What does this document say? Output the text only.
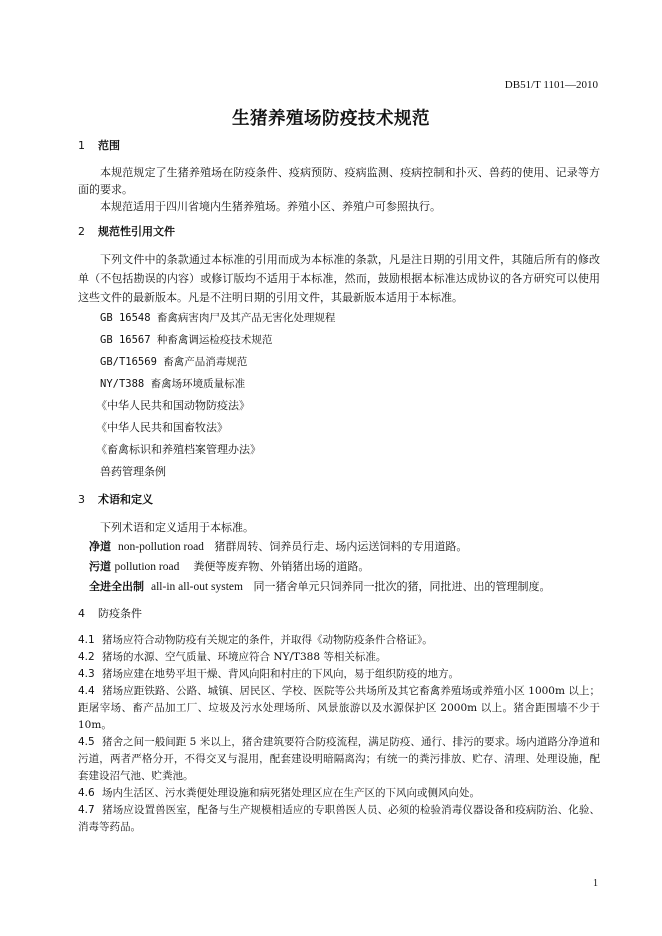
DB51/T 1101—2010
生猪养殖场防疫技术规范

1 范围

本规范规定了生猪养殖场在防疫条件、疫病预防、疫病监测、疫病控制和扑灭、兽药的使用、记录等方面的要求。

本规范适用于四川省境内生猪养殖场。养殖小区、养殖户可参照执行。

2 规范性引用文件

下列文件中的条款通过本标准的引用而成为本标准的条款，凡是注日期的引用文件，其随后所有的修改单（不包括勘误的内容）或修订版均不适用于本标准，然而，鼓励根据本标准达成协议的各方研究可以使用这些文件的最新版本。凡是不注明日期的引用文件，其最新版本适用于本标准。

GB 16548 畜禽病害肉尸及其产品无害化处理规程

GB 16567 种畜禽调运检疫技术规范

GB/T16569 畜禽产品消毒规范

NY/T388 畜禽场环境质量标准

《中华人民共和国动物防疫法》

《中华人民共和国畜牧法》

《畜禽标识和养殖档案管理办法》

兽药管理条例

3 术语和定义

下列术语和定义适用于本标准。

净道 non-pollution road 猪群周转、饲养员行走、场内运送饲料的专用道路。

污道 pollution road 粪便等废弃物、外销猪出场的道路。

全进全出制 all-in all-out system 同一猪舍单元只饲养同一批次的猪，同批进、出的管理制度。

4 防疫条件

4.1 猪场应符合动物防疫有关规定的条件，并取得《动物防疫条件合格证》。

4.2 猪场的水源、空气质量、环境应符合 NY/T388 等相关标准。

4.3 猪场应建在地势平坦干燥、背风向阳和村庄的下风向，易于组织防疫的地方。

4.4 猪场应距铁路、公路、城镇、居民区、学校、医院等公共场所及其它畜禽养殖场或养殖小区 1000m 以上；距屠宰场、畜产品加工厂、垃圾及污水处理场所、风景旅游以及水源保护区 2000m 以上。猪舍距围墙不少于 10m。

4.5 猪舍之间一般间距 5 米以上，猪舍建筑要符合防疫流程，满足防疫、通行、排污的要求。场内道路分净道和污道，两者严格分开，不得交叉与混用，配套建设明暗隔离沟；有统一的粪污排放、贮存、清理、处理设施，配套建设沼气池、贮粪池。

4.6 场内生活区、污水粪便处理设施和病死猪处理区应在生产区的下风向或侧风向处。

4.7 猪场应设置兽医室，配备与生产规模相适应的专职兽医人员、必须的检验消毒仪器设备和疫病防治、化验、消毒等药品。

1
